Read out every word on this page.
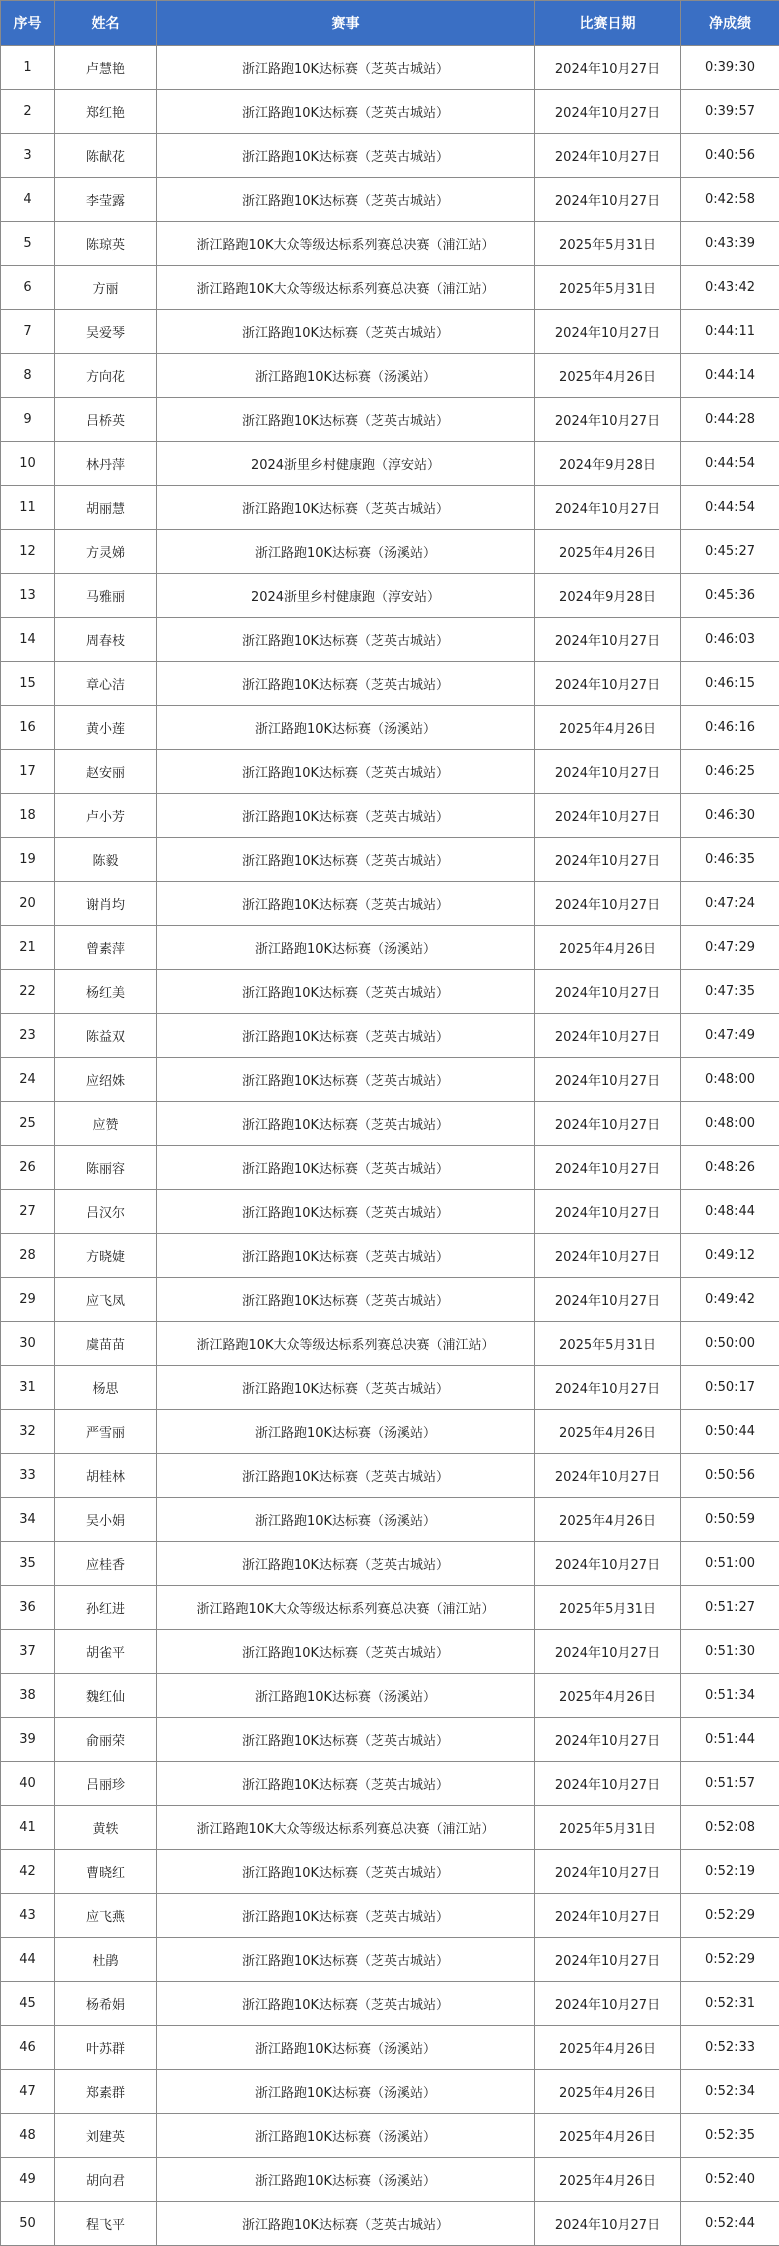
序号	姓名	赛事	比赛日期	净成绩
1	卢慧艳	浙江路跑10K达标赛（芝英古城站）	2024年10月27日	0:39:30
2	郑红艳	浙江路跑10K达标赛（芝英古城站）	2024年10月27日	0:39:57
3	陈献花	浙江路跑10K达标赛（芝英古城站）	2024年10月27日	0:40:56
4	李莹露	浙江路跑10K达标赛（芝英古城站）	2024年10月27日	0:42:58
5	陈琼英	浙江路跑10K大众等级达标系列赛总决赛（浦江站）	2025年5月31日	0:43:39
6	方丽	浙江路跑10K大众等级达标系列赛总决赛（浦江站）	2025年5月31日	0:43:42
7	吴爱琴	浙江路跑10K达标赛（芝英古城站）	2024年10月27日	0:44:11
8	方向花	浙江路跑10K达标赛（汤溪站）	2025年4月26日	0:44:14
9	吕桥英	浙江路跑10K达标赛（芝英古城站）	2024年10月27日	0:44:28
10	林丹萍	2024浙里乡村健康跑（淳安站）	2024年9月28日	0:44:54
11	胡丽慧	浙江路跑10K达标赛（芝英古城站）	2024年10月27日	0:44:54
12	方灵娣	浙江路跑10K达标赛（汤溪站）	2025年4月26日	0:45:27
13	马雅丽	2024浙里乡村健康跑（淳安站）	2024年9月28日	0:45:36
14	周春枝	浙江路跑10K达标赛（芝英古城站）	2024年10月27日	0:46:03
15	章心洁	浙江路跑10K达标赛（芝英古城站）	2024年10月27日	0:46:15
16	黄小莲	浙江路跑10K达标赛（汤溪站）	2025年4月26日	0:46:16
17	赵安丽	浙江路跑10K达标赛（芝英古城站）	2024年10月27日	0:46:25
18	卢小芳	浙江路跑10K达标赛（芝英古城站）	2024年10月27日	0:46:30
19	陈毅	浙江路跑10K达标赛（芝英古城站）	2024年10月27日	0:46:35
20	谢肖均	浙江路跑10K达标赛（芝英古城站）	2024年10月27日	0:47:24
21	曾素萍	浙江路跑10K达标赛（汤溪站）	2025年4月26日	0:47:29
22	杨红美	浙江路跑10K达标赛（芝英古城站）	2024年10月27日	0:47:35
23	陈益双	浙江路跑10K达标赛（芝英古城站）	2024年10月27日	0:47:49
24	应绍姝	浙江路跑10K达标赛（芝英古城站）	2024年10月27日	0:48:00
25	应赞	浙江路跑10K达标赛（芝英古城站）	2024年10月27日	0:48:00
26	陈丽容	浙江路跑10K达标赛（芝英古城站）	2024年10月27日	0:48:26
27	吕汉尔	浙江路跑10K达标赛（芝英古城站）	2024年10月27日	0:48:44
28	方晓婕	浙江路跑10K达标赛（芝英古城站）	2024年10月27日	0:49:12
29	应飞凤	浙江路跑10K达标赛（芝英古城站）	2024年10月27日	0:49:42
30	虞苗苗	浙江路跑10K大众等级达标系列赛总决赛（浦江站）	2025年5月31日	0:50:00
31	杨思	浙江路跑10K达标赛（芝英古城站）	2024年10月27日	0:50:17
32	严雪丽	浙江路跑10K达标赛（汤溪站）	2025年4月26日	0:50:44
33	胡桂林	浙江路跑10K达标赛（芝英古城站）	2024年10月27日	0:50:56
34	吴小娟	浙江路跑10K达标赛（汤溪站）	2025年4月26日	0:50:59
35	应桂香	浙江路跑10K达标赛（芝英古城站）	2024年10月27日	0:51:00
36	孙红进	浙江路跑10K大众等级达标系列赛总决赛（浦江站）	2025年5月31日	0:51:27
37	胡雀平	浙江路跑10K达标赛（芝英古城站）	2024年10月27日	0:51:30
38	魏红仙	浙江路跑10K达标赛（汤溪站）	2025年4月26日	0:51:34
39	俞丽荣	浙江路跑10K达标赛（芝英古城站）	2024年10月27日	0:51:44
40	吕丽珍	浙江路跑10K达标赛（芝英古城站）	2024年10月27日	0:51:57
41	黄轶	浙江路跑10K大众等级达标系列赛总决赛（浦江站）	2025年5月31日	0:52:08
42	曹晓红	浙江路跑10K达标赛（芝英古城站）	2024年10月27日	0:52:19
43	应飞燕	浙江路跑10K达标赛（芝英古城站）	2024年10月27日	0:52:29
44	杜鹃	浙江路跑10K达标赛（芝英古城站）	2024年10月27日	0:52:29
45	杨希娟	浙江路跑10K达标赛（芝英古城站）	2024年10月27日	0:52:31
46	叶苏群	浙江路跑10K达标赛（汤溪站）	2025年4月26日	0:52:33
47	郑素群	浙江路跑10K达标赛（汤溪站）	2025年4月26日	0:52:34
48	刘建英	浙江路跑10K达标赛（汤溪站）	2025年4月26日	0:52:35
49	胡向君	浙江路跑10K达标赛（汤溪站）	2025年4月26日	0:52:40
50	程飞平	浙江路跑10K达标赛（芝英古城站）	2024年10月27日	0:52:44
